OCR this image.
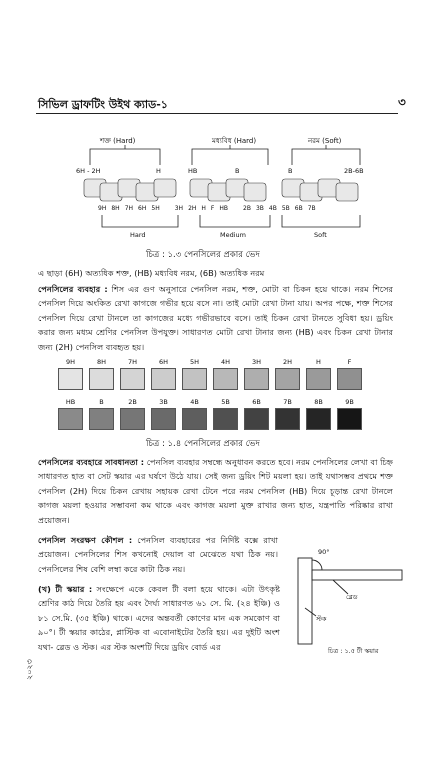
সিভিল ড্রাফটিং উইথ ক্যাড-১	৩
শক্ত (Hard)	মধ্যবিধ (Hard)	নরম (Soft)
6H - 2H	H	HB	B	B	2B-6B
9H 8H 7H 6H 5H	3H 2H H F HB	2B 3B 4B 5B 6B 7B
Hard	Medium	Soft
চিত্র : ১.৩ পেনসিলের প্রকার ভেদ
এ ছাড়া (6H) অত্যধিক শক্ত, (HB) মধ্যবিধ নরম, (6B) অত্যধিক নরম
পেনসিলের ব্যবহার : শিস এর গুণ অনুসারে পেনসিল নরম, শক্ত, মোটা বা চিকন হয়ে থাকে। নরম শিসের পেনসিল দিয়ে অংকিত রেখা কাগজে গভীর হয়ে বসে না। তাই মোটা রেখা টানা যায়। অপর পক্ষে, শক্ত শিসের পেনসিল দিয়ে রেখা টানলে তা কাগজের মধ্যে গভীরভাবে বসে। তাই চিকন রেখা টানতে সুবিধা হয়। ড্রয়িং করার জন্য মধ্যম শ্রেণির পেনসিল উপযুক্ত। সাধারণত মোটা রেখা টানার জন্য (HB) এবং চিকন রেখা টানার জন্য (2H) পেনসিল ব্যবহৃত হয়।
9H	8H	7H	6H	5H	4H	3H	2H	H	F
HB	B	2B	3B	4B	5B	6B	7B	8B	9B
চিত্র : ১.৪ পেনসিলের প্রকার ভেদ
পেনসিলের ব্যবহারে সাবধানতা : পেনসিল ব্যবহার সম্বন্ধে অনুধাবন করতে হবে। নরম পেনসিলের লেখা বা চিহ্ন সাধারণত হাত বা সেট স্কয়ার এর ঘর্ষণে উঠে যায়। সেই জন্য ড্রয়িং শিট ময়লা হয়। তাই যথাসম্ভব প্রথমে শক্ত পেনসিল (2H) দিয়ে চিকন রেখায় সহায়ক রেখা টেনে পরে নরম পেনসিল (HB) দিয়ে চূড়ান্ত রেখা টানলে কাগজ ময়লা হওয়ার সম্ভাবনা কম থাকে এবং কাগজ ময়লা মুক্ত রাখার জন্য হাত, যন্ত্রপাতি পরিষ্কার রাখা প্রয়োজন।
পেনসিল সংরক্ষণ কৌশল : পেনসিল ব্যবহারের পর নির্দিষ্ট বক্সে রাখা প্রয়োজন। পেনসিলের শিস কখনোই দেয়াল বা মেঝেতে যথা ঠিক নয়। পেনসিলের শিষ বেশি লম্বা করে কাটা ঠিক নয়।
(খ) টী স্কয়ার : সংক্ষেপে একে কেবল টী বলা হয়ে থাকে। এটা উৎকৃষ্ট শ্রেণির কাঠ দিয়ে তৈরি হয় এবং দৈর্ঘ্য সাধারণত ৬১ সে. মি. (২৪ ইঞ্চি) ও ৮১ সে.মি. (৩৫ ইঞ্চি) থাকে। এদের অন্তবর্তী কোণের মান এক সমকোণ বা ৯০°। টী স্কয়ার কাঠের, প্লাস্টিক বা এবোনাইটের তৈরি হয়। এর দুইটি অংশ যথা- ব্লেড ও স্টক। এর স্টক অংশটি দিয়ে ড্রয়িং বোর্ড এর
90°
ব্লেড
স্টক
চিত্র : ১.৫ টী স্কয়ার
২০২৩
